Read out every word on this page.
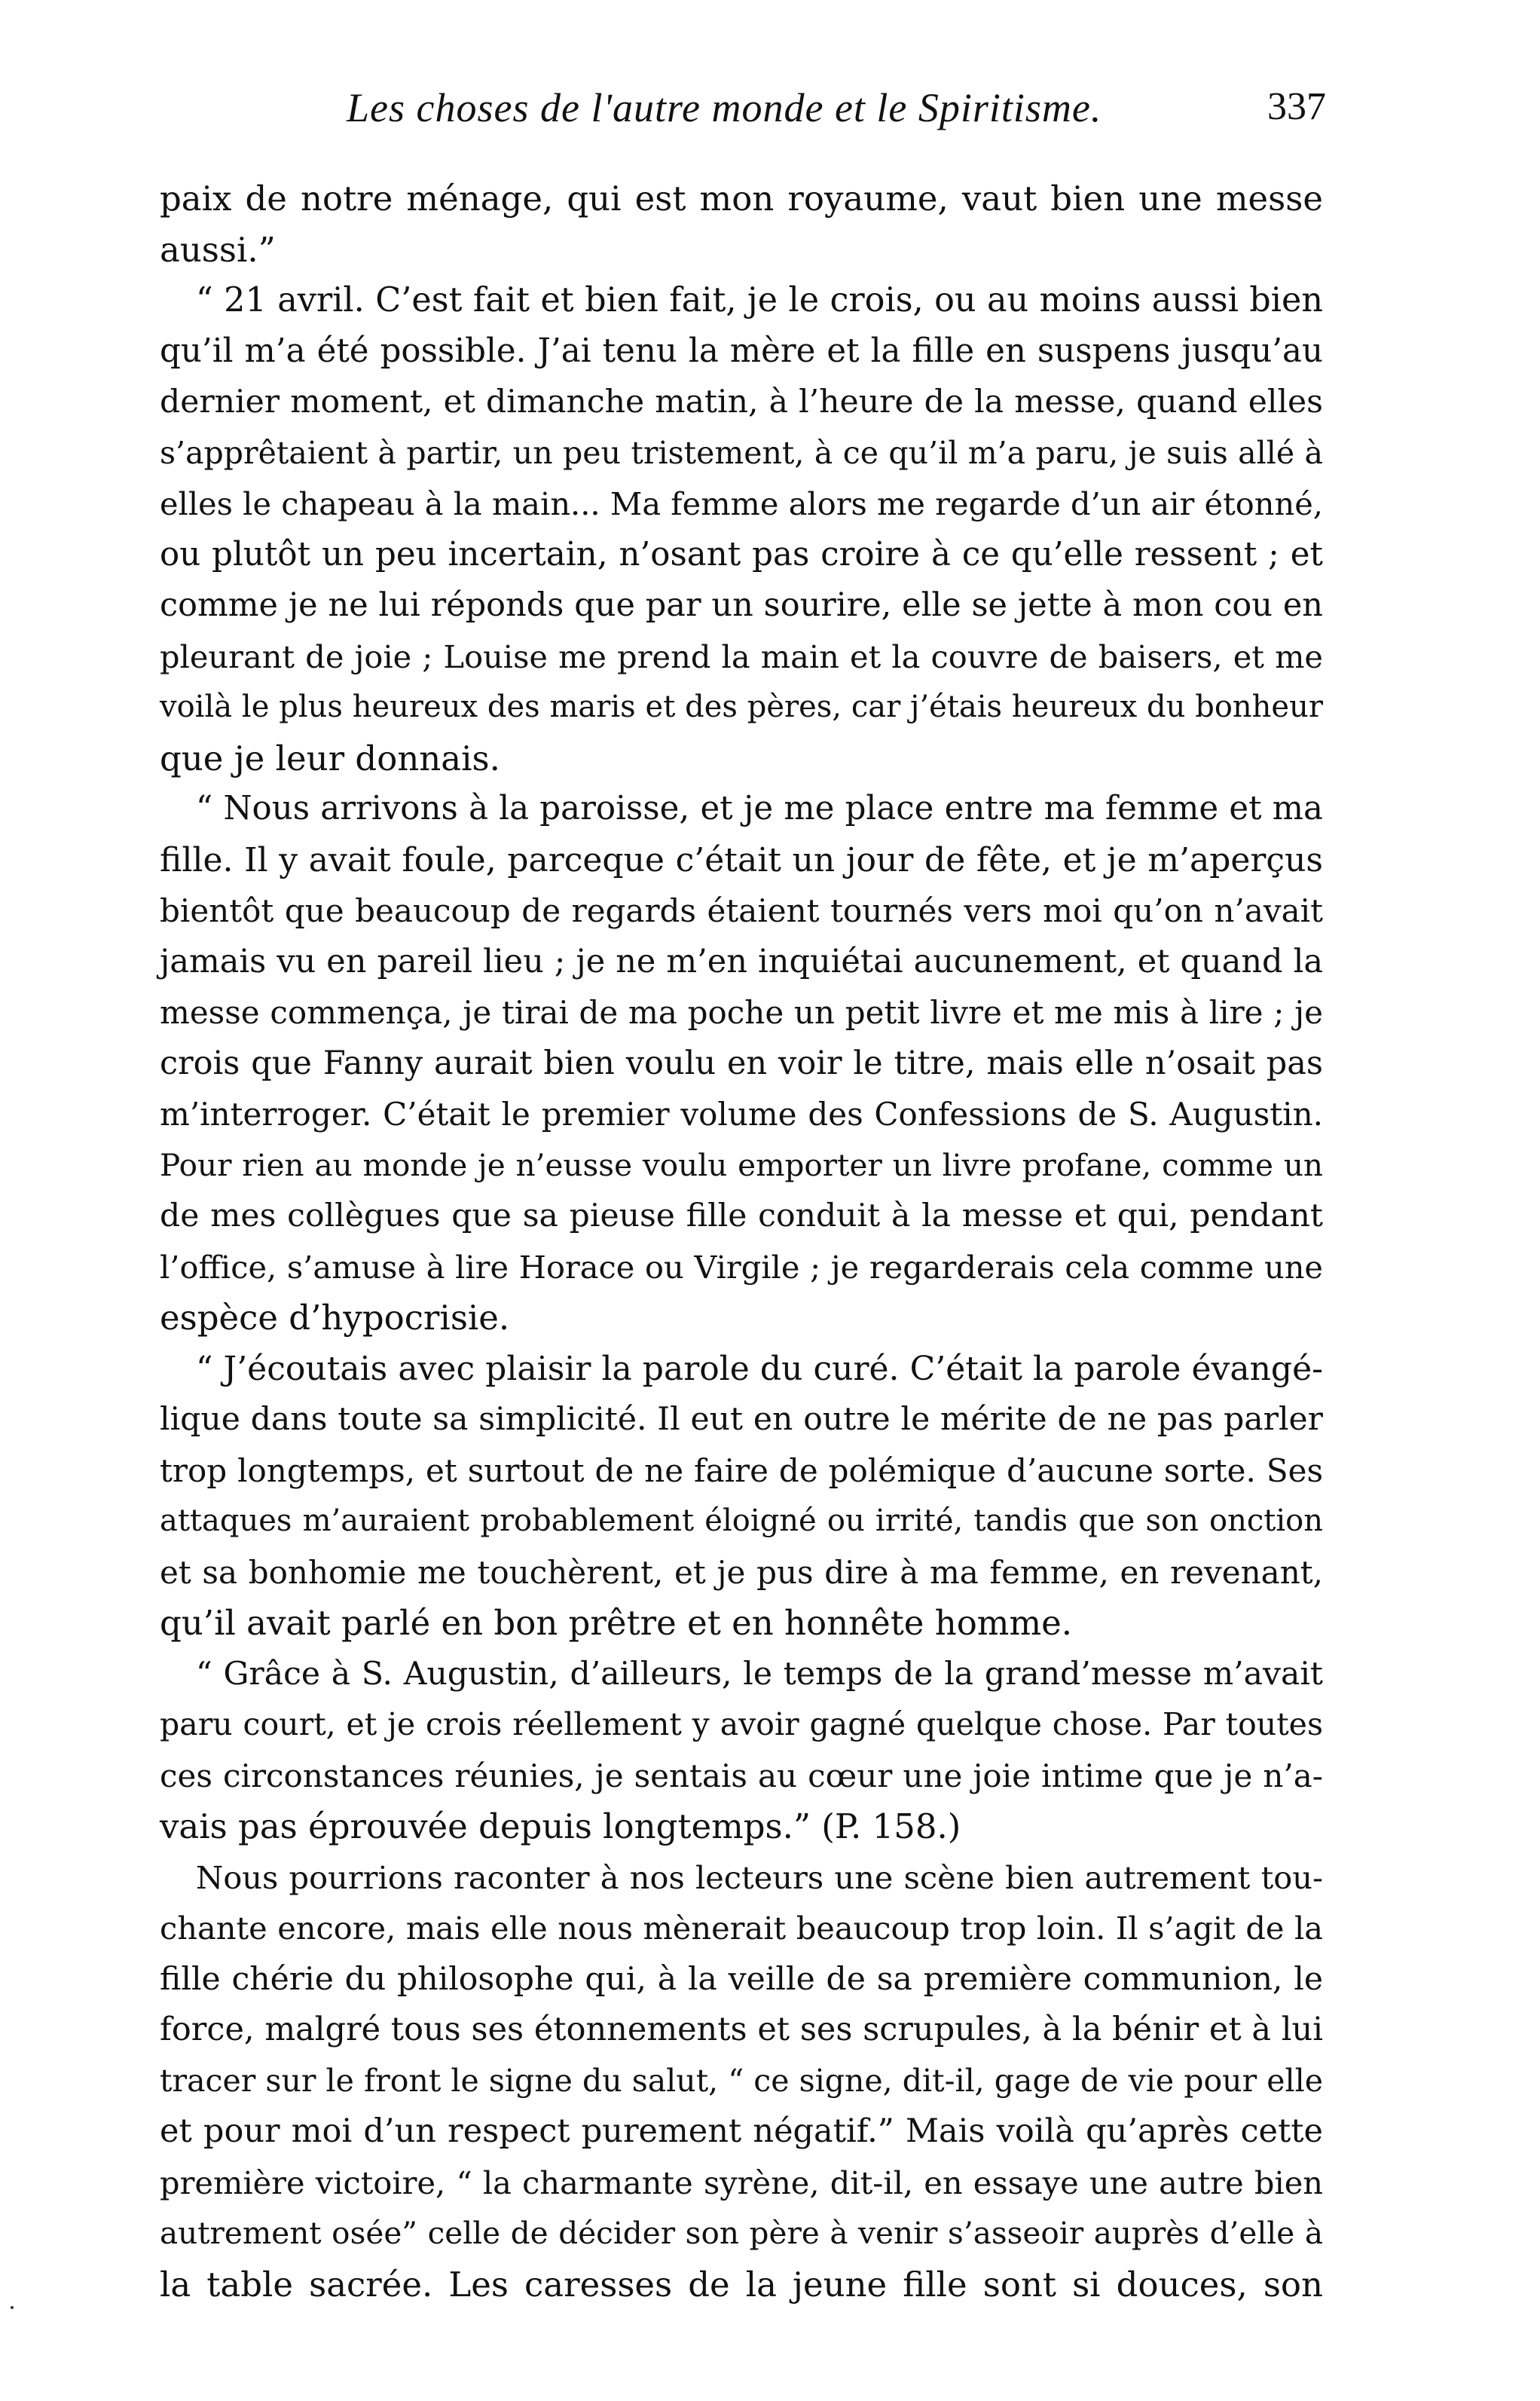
Les choses de l'autre monde et le Spiritisme.	337
paix de notre ménage, qui est mon royaume, vaut bien une messe
aussi.”
“ 21 avril. C’est fait et bien fait, je le crois, ou au moins aussi bien
qu’il m’a été possible. J’ai tenu la mère et la fille en suspens jusqu’au
dernier moment, et dimanche matin, à l’heure de la messe, quand elles
s’apprêtaient à partir, un peu tristement, à ce qu’il m’a paru, je suis allé à
elles le chapeau à la main... Ma femme alors me regarde d’un air étonné,
ou plutôt un peu incertain, n’osant pas croire à ce qu’elle ressent ; et
comme je ne lui réponds que par un sourire, elle se jette à mon cou en
pleurant de joie ; Louise me prend la main et la couvre de baisers, et me
voilà le plus heureux des maris et des pères, car j’étais heureux du bonheur
que je leur donnais.
“ Nous arrivons à la paroisse, et je me place entre ma femme et ma
fille. Il y avait foule, parceque c’était un jour de fête, et je m’aperçus
bientôt que beaucoup de regards étaient tournés vers moi qu’on n’avait
jamais vu en pareil lieu ; je ne m’en inquiétai aucunement, et quand la
messe commença, je tirai de ma poche un petit livre et me mis à lire ; je
crois que Fanny aurait bien voulu en voir le titre, mais elle n’osait pas
m’interroger. C’était le premier volume des Confessions de S. Augustin.
Pour rien au monde je n’eusse voulu emporter un livre profane, comme un
de mes collègues que sa pieuse fille conduit à la messe et qui, pendant
l’office, s’amuse à lire Horace ou Virgile ; je regarderais cela comme une
espèce d’hypocrisie.
“ J’écoutais avec plaisir la parole du curé. C’était la parole évangé-
lique dans toute sa simplicité. Il eut en outre le mérite de ne pas parler
trop longtemps, et surtout de ne faire de polémique d’aucune sorte. Ses
attaques m’auraient probablement éloigné ou irrité, tandis que son onction
et sa bonhomie me touchèrent, et je pus dire à ma femme, en revenant,
qu’il avait parlé en bon prêtre et en honnête homme.
“ Grâce à S. Augustin, d’ailleurs, le temps de la grand’messe m’avait
paru court, et je crois réellement y avoir gagné quelque chose. Par toutes
ces circonstances réunies, je sentais au cœur une joie intime que je n’a-
vais pas éprouvée depuis longtemps.” (P. 158.)
Nous pourrions raconter à nos lecteurs une scène bien autrement tou-
chante encore, mais elle nous mènerait beaucoup trop loin. Il s’agit de la
fille chérie du philosophe qui, à la veille de sa première communion, le
force, malgré tous ses étonnements et ses scrupules, à la bénir et à lui
tracer sur le front le signe du salut, “ ce signe, dit-il, gage de vie pour elle
et pour moi d’un respect purement négatif.” Mais voilà qu’après cette
première victoire, “ la charmante syrène, dit-il, en essaye une autre bien
autrement osée” celle de décider son père à venir s’asseoir auprès d’elle à
la table sacrée. Les caresses de la jeune fille sont si douces, son
